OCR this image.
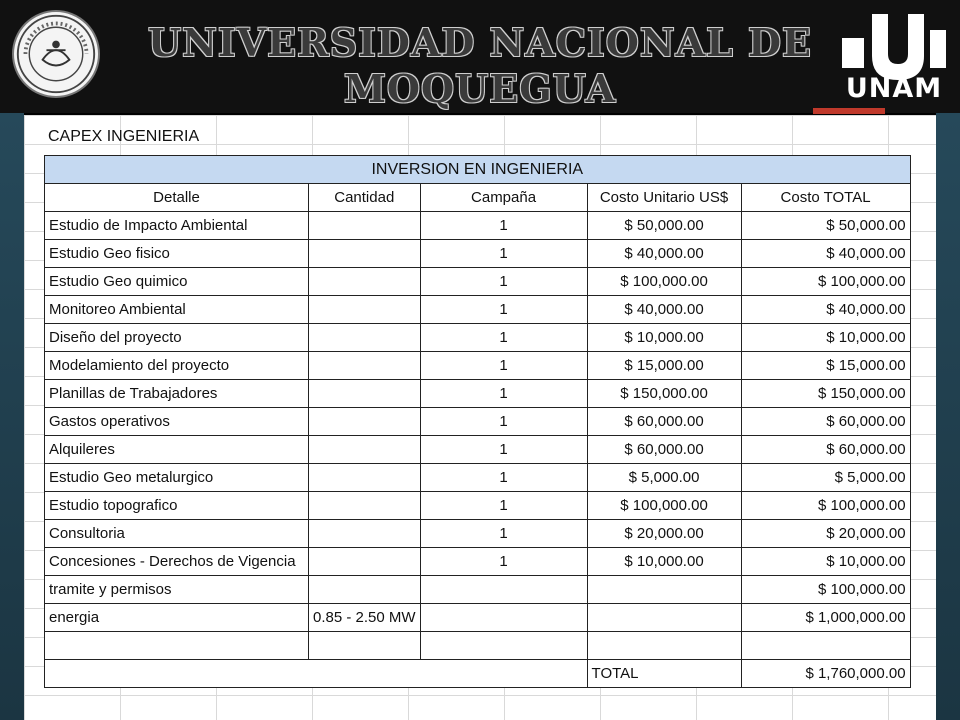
UNIVERSIDAD NACIONAL DE
MOQUEGUA	UNAM
CAPEX INGENIERIA
INVERSION EN INGENIERIA				
Detalle	Cantidad	Campaña	Costo Unitario US$	Costo TOTAL
Estudio de Impacto Ambiental		1	$ 50,000.00	$ 50,000.00
Estudio Geo fisico		1	$ 40,000.00	$ 40,000.00
Estudio Geo quimico		1	$ 100,000.00	$ 100,000.00
Monitoreo Ambiental		1	$ 40,000.00	$ 40,000.00
Diseño del proyecto		1	$ 10,000.00	$ 10,000.00
Modelamiento del proyecto		1	$ 15,000.00	$ 15,000.00
Planillas de Trabajadores		1	$ 150,000.00	$ 150,000.00
Gastos operativos		1	$ 60,000.00	$ 60,000.00
Alquileres		1	$ 60,000.00	$ 60,000.00
Estudio Geo metalurgico		1	$ 5,000.00	$ 5,000.00
Estudio topografico		1	$ 100,000.00	$ 100,000.00
Consultoria		1	$ 20,000.00	$ 20,000.00
Concesiones - Derechos de Vigencia		1	$ 10,000.00	$ 10,000.00
tramite y permisos				$ 100,000.00
energia	0.85 - 2.50 MW			$ 1,000,000.00

			TOTAL	$ 1,760,000.00
